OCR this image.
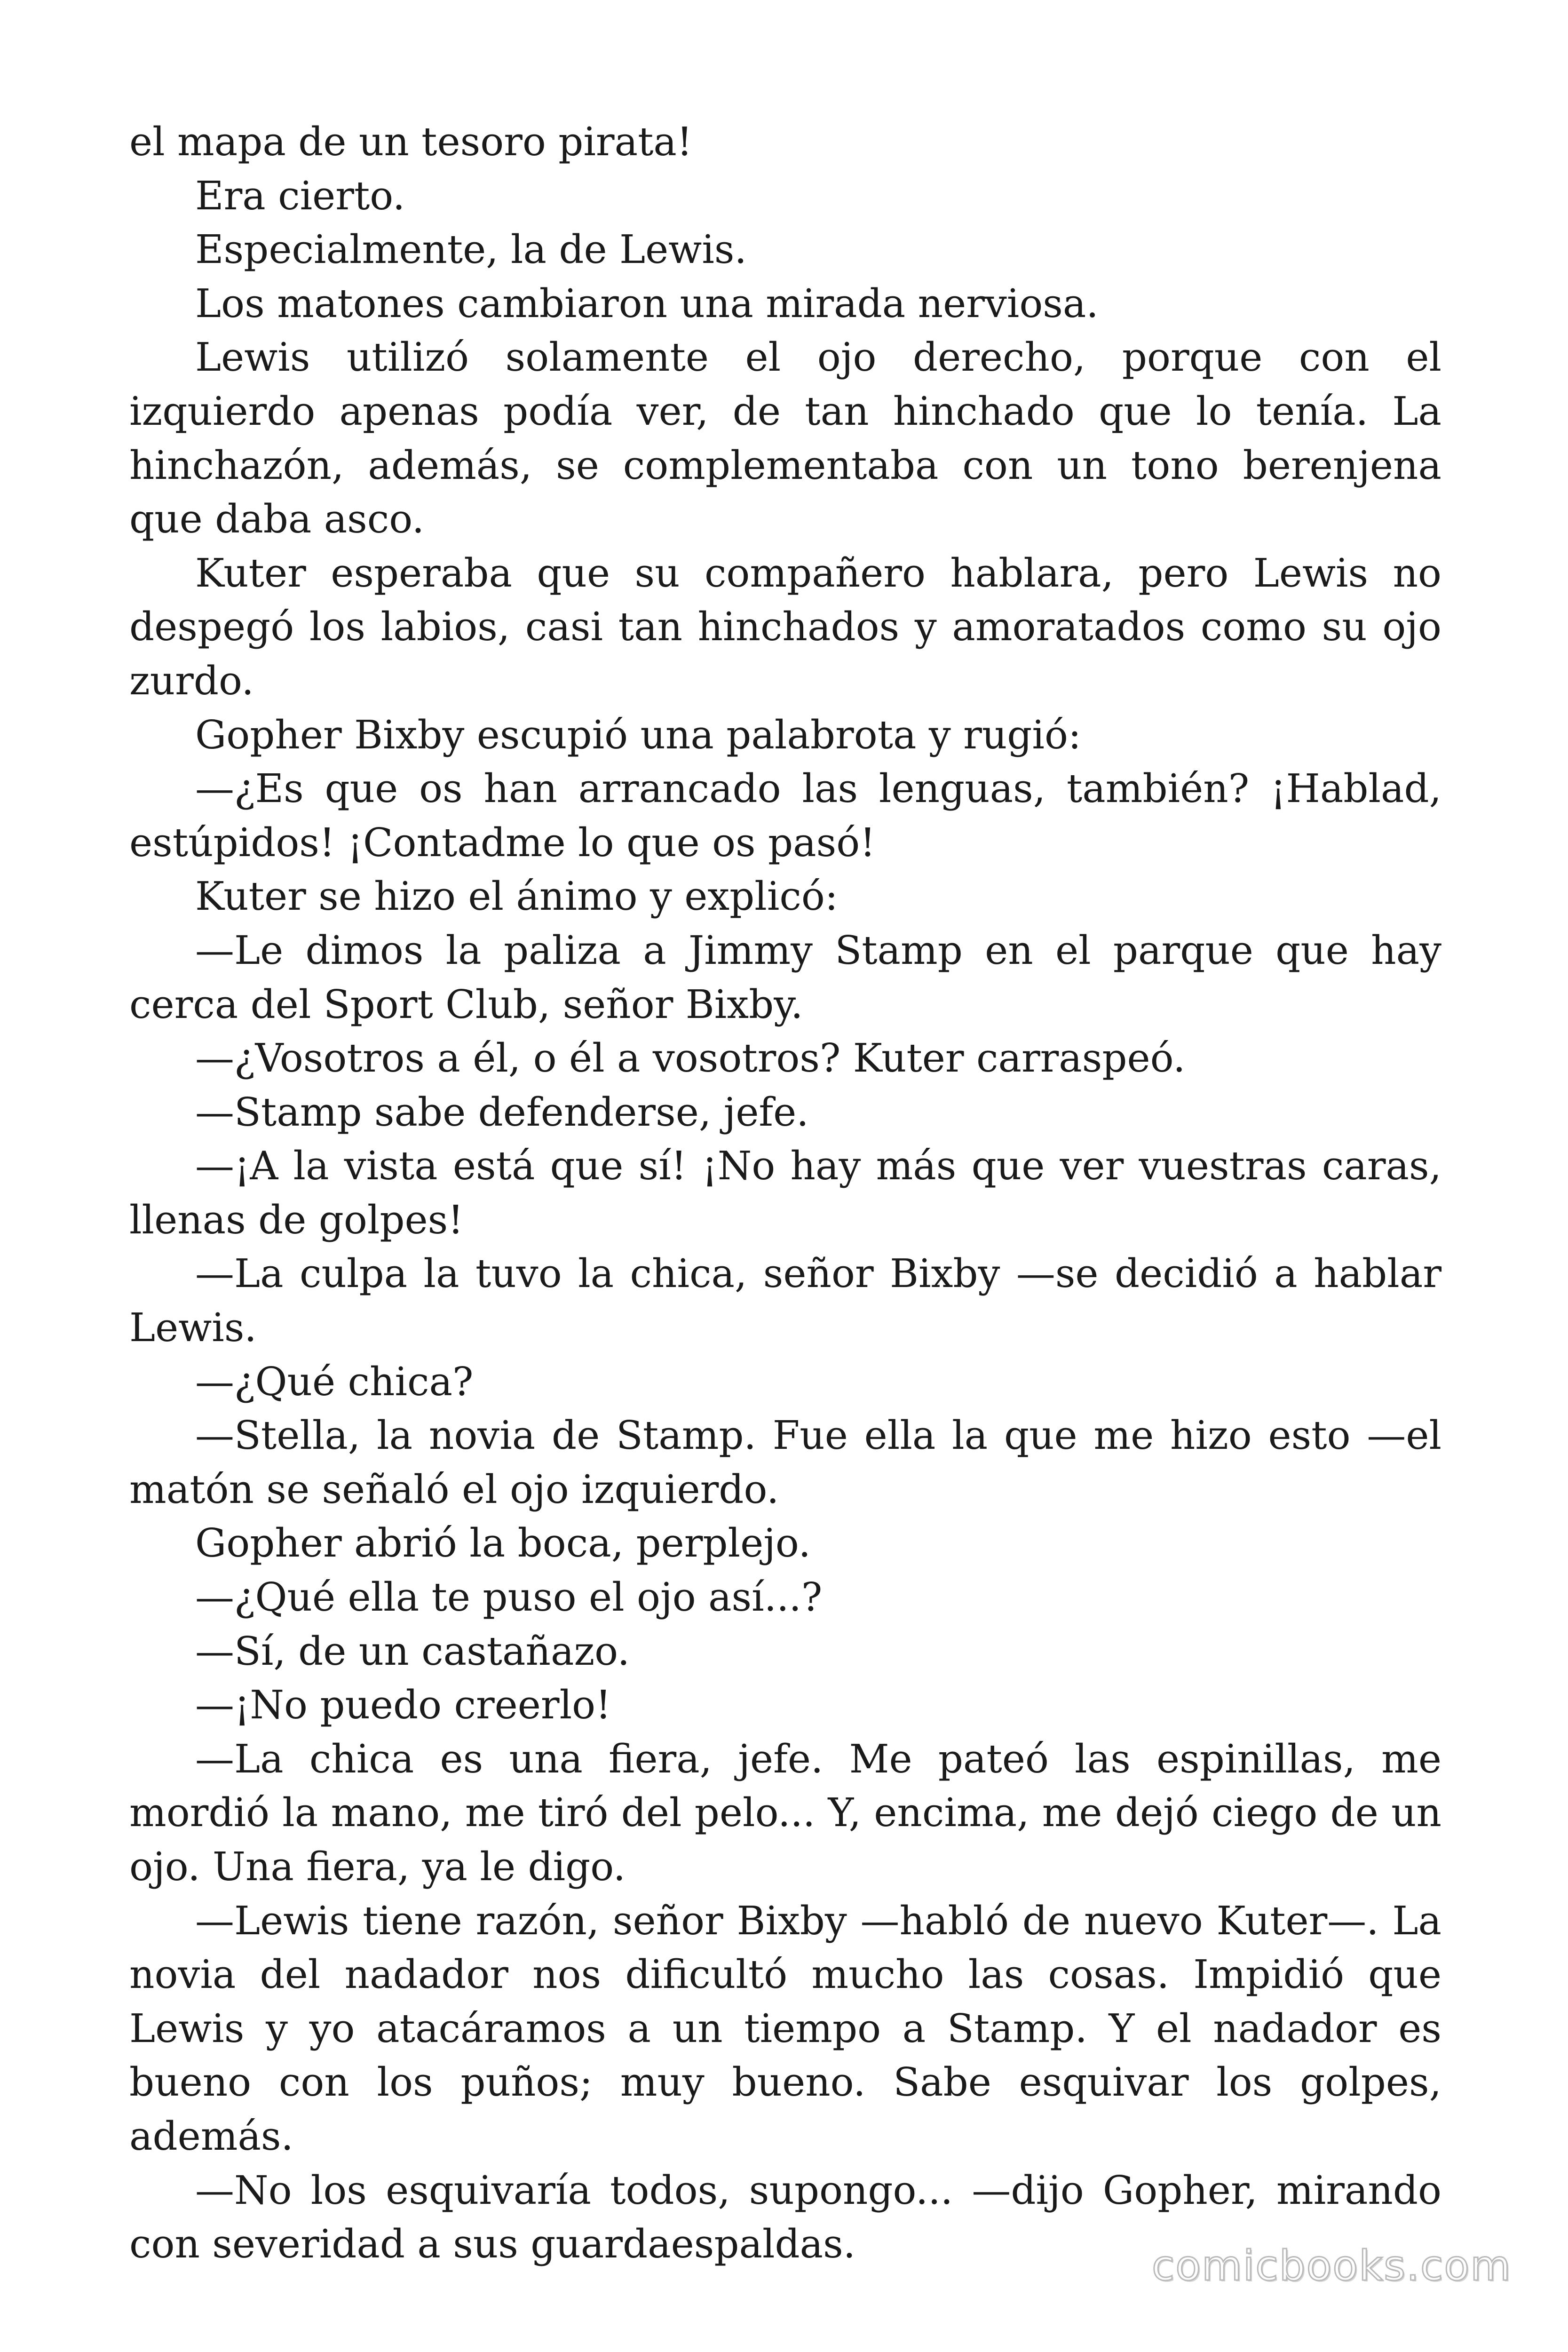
el mapa de un tesoro pirata!

Era cierto.

Especialmente, la de Lewis.

Los matones cambiaron una mirada nerviosa.

Lewis utilizó solamente el ojo derecho, porque con el izquierdo apenas podía ver, de tan hinchado que lo tenía. La hinchazón, además, se complementaba con un tono berenjena que daba asco.

Kuter esperaba que su compañero hablara, pero Lewis no despegó los labios, casi tan hinchados y amoratados como su ojo zurdo.

Gopher Bixby escupió una palabrota y rugió:

—¿Es que os han arrancado las lenguas, también? ¡Hablad, estúpidos! ¡Contadme lo que os pasó!

Kuter se hizo el ánimo y explicó:

—Le dimos la paliza a Jimmy Stamp en el parque que hay cerca del Sport Club, señor Bixby.

—¿Vosotros a él, o él a vosotros? Kuter carraspeó.

—Stamp sabe defenderse, jefe.

—¡A la vista está que sí! ¡No hay más que ver vuestras caras, llenas de golpes!

—La culpa la tuvo la chica, señor Bixby —se decidió a hablar Lewis.

—¿Qué chica?

—Stella, la novia de Stamp. Fue ella la que me hizo esto —el matón se señaló el ojo izquierdo.

Gopher abrió la boca, perplejo.

—¿Qué ella te puso el ojo así...?

—Sí, de un castañazo.

—¡No puedo creerlo!

—La chica es una fiera, jefe. Me pateó las espinillas, me mordió la mano, me tiró del pelo... Y, encima, me dejó ciego de un ojo. Una fiera, ya le digo.

—Lewis tiene razón, señor Bixby —habló de nuevo Kuter—. La novia del nadador nos dificultó mucho las cosas. Impidió que Lewis y yo atacáramos a un tiempo a Stamp. Y el nadador es bueno con los puños; muy bueno. Sabe esquivar los golpes, además.

—No los esquivaría todos, supongo... —dijo Gopher, mirando con severidad a sus guardaespaldas.	comicbooks.com
